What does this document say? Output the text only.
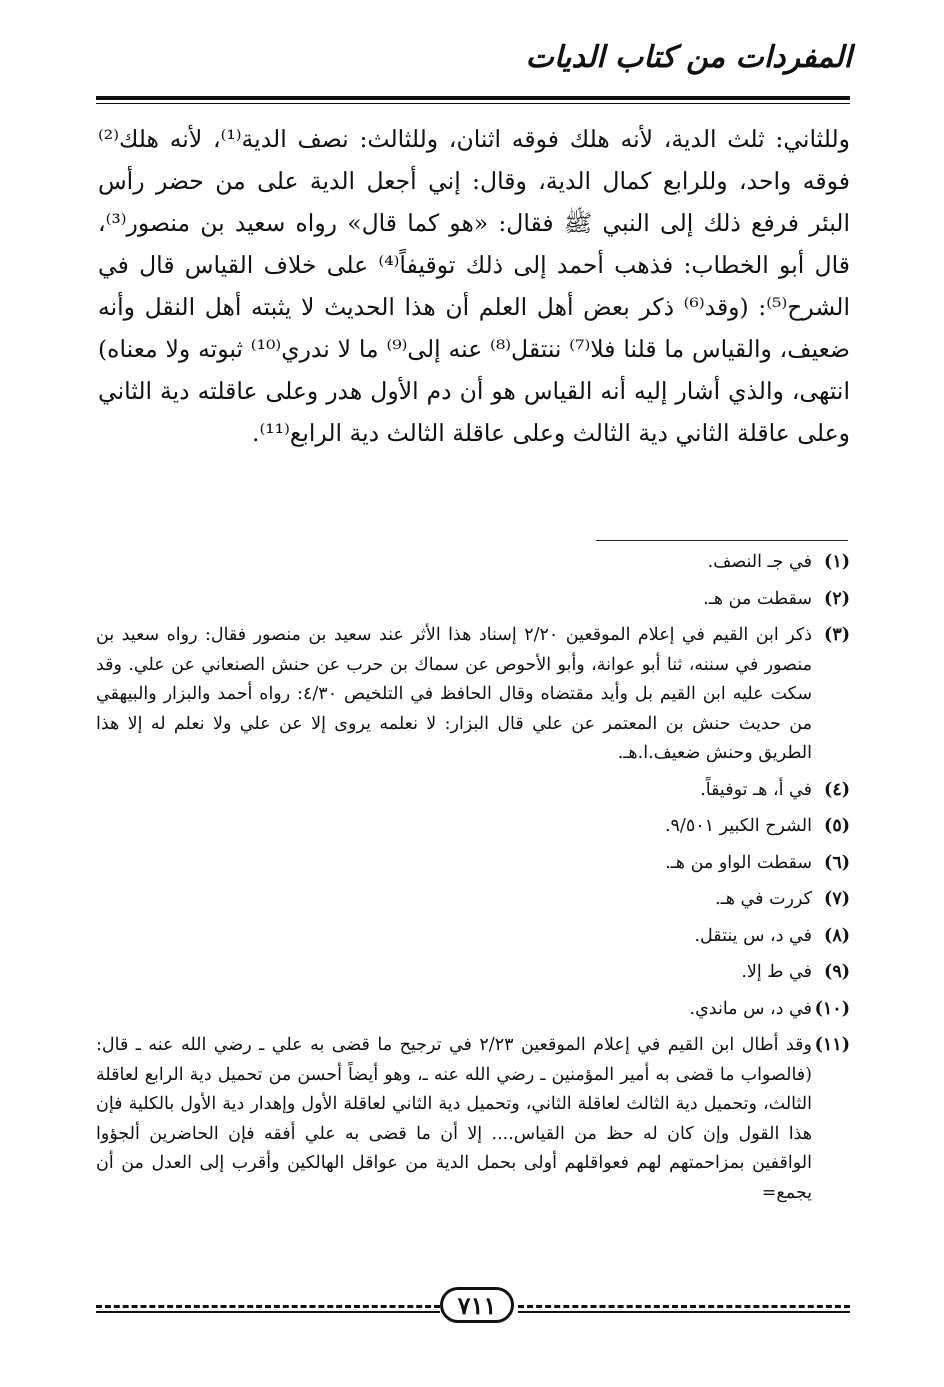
المفردات من كتاب الديات

وللثاني: ثلث الدية، لأنه هلك فوقه اثنان، وللثالث: نصف الدية⁽¹⁾، لأنه هلك⁽²⁾ فوقه واحد، وللرابع كمال الدية، وقال: إني أجعل الدية على من حضر رأس البئر فرفع ذلك إلى النبي ﷺ فقال: «هو كما قال» رواه سعيد بن منصور⁽³⁾، قال أبو الخطاب: فذهب أحمد إلى ذلك توقيفاً⁽⁴⁾ على خلاف القياس قال في الشرح⁽⁵⁾: (وقد⁽⁶⁾ ذكر بعض أهل العلم أن هذا الحديث لا يثبته أهل النقل وأنه ضعيف، والقياس ما قلنا فلا⁽⁷⁾ ننتقل⁽⁸⁾ عنه إلى⁽⁹⁾ ما لا ندري⁽¹⁰⁾ ثبوته ولا معناه) انتهى، والذي أشار إليه أنه القياس هو أن دم الأول هدر وعلى عاقلته دية الثاني وعلى عاقلة الثاني دية الثالث وعلى عاقلة الثالث دية الرابع⁽¹¹⁾.

(١)
في جـ النصف.
(٢)
سقطت من هـ.
(٣)
ذكر ابن القيم في إعلام الموقعين ٢/٢٠ إسناد هذا الأثر عند سعيد بن منصور فقال: رواه سعيد بن منصور في سننه، ثنا أبو عوانة، وأبو الأحوص عن سماك بن حرب عن حنش الصنعاني عن علي. وقد سكت عليه ابن القيم بل وأيد مقتضاه وقال الحافظ في التلخيص ٤/٣٠: رواه أحمد والبزار والبيهقي من حديث حنش بن المعتمر عن علي قال البزار: لا نعلمه يروى إلا عن علي ولا نعلم له إلا هذا الطريق وحنش ضعيف.ا.هـ.
(٤)
في أ، هـ توفيقاً.
(٥)
الشرح الكبير ٩/٥٠١.
(٦)
سقطت الواو من هـ.
(٧)
كررت في هـ.
(٨)
في د، س ينتقل.
(٩)
في ط إلا.
(١٠)
في د، س ماندي.
(١١)
وقد أطال ابن القيم في إعلام الموقعين ٢/٢٣ في ترجيح ما قضى به علي ـ رضي الله عنه ـ قال: (فالصواب ما قضى به أمير المؤمنين ـ رضي الله عنه ـ، وهو أيضاً أحسن من تحميل دية الرابع لعاقلة الثالث، وتحميل دية الثالث لعاقلة الثاني، وتحميل دية الثاني لعاقلة الأول وإهدار دية الأول بالكلية فإن هذا القول وإن كان له حظ من القياس.... إلا أن ما قضى به علي أفقه فإن الحاضرين ألجؤوا الواقفين بمزاحمتهم لهم فعواقلهم أولى بحمل الدية من عواقل الهالكين وأقرب إلى العدل من أن يجمع=
٧١١
